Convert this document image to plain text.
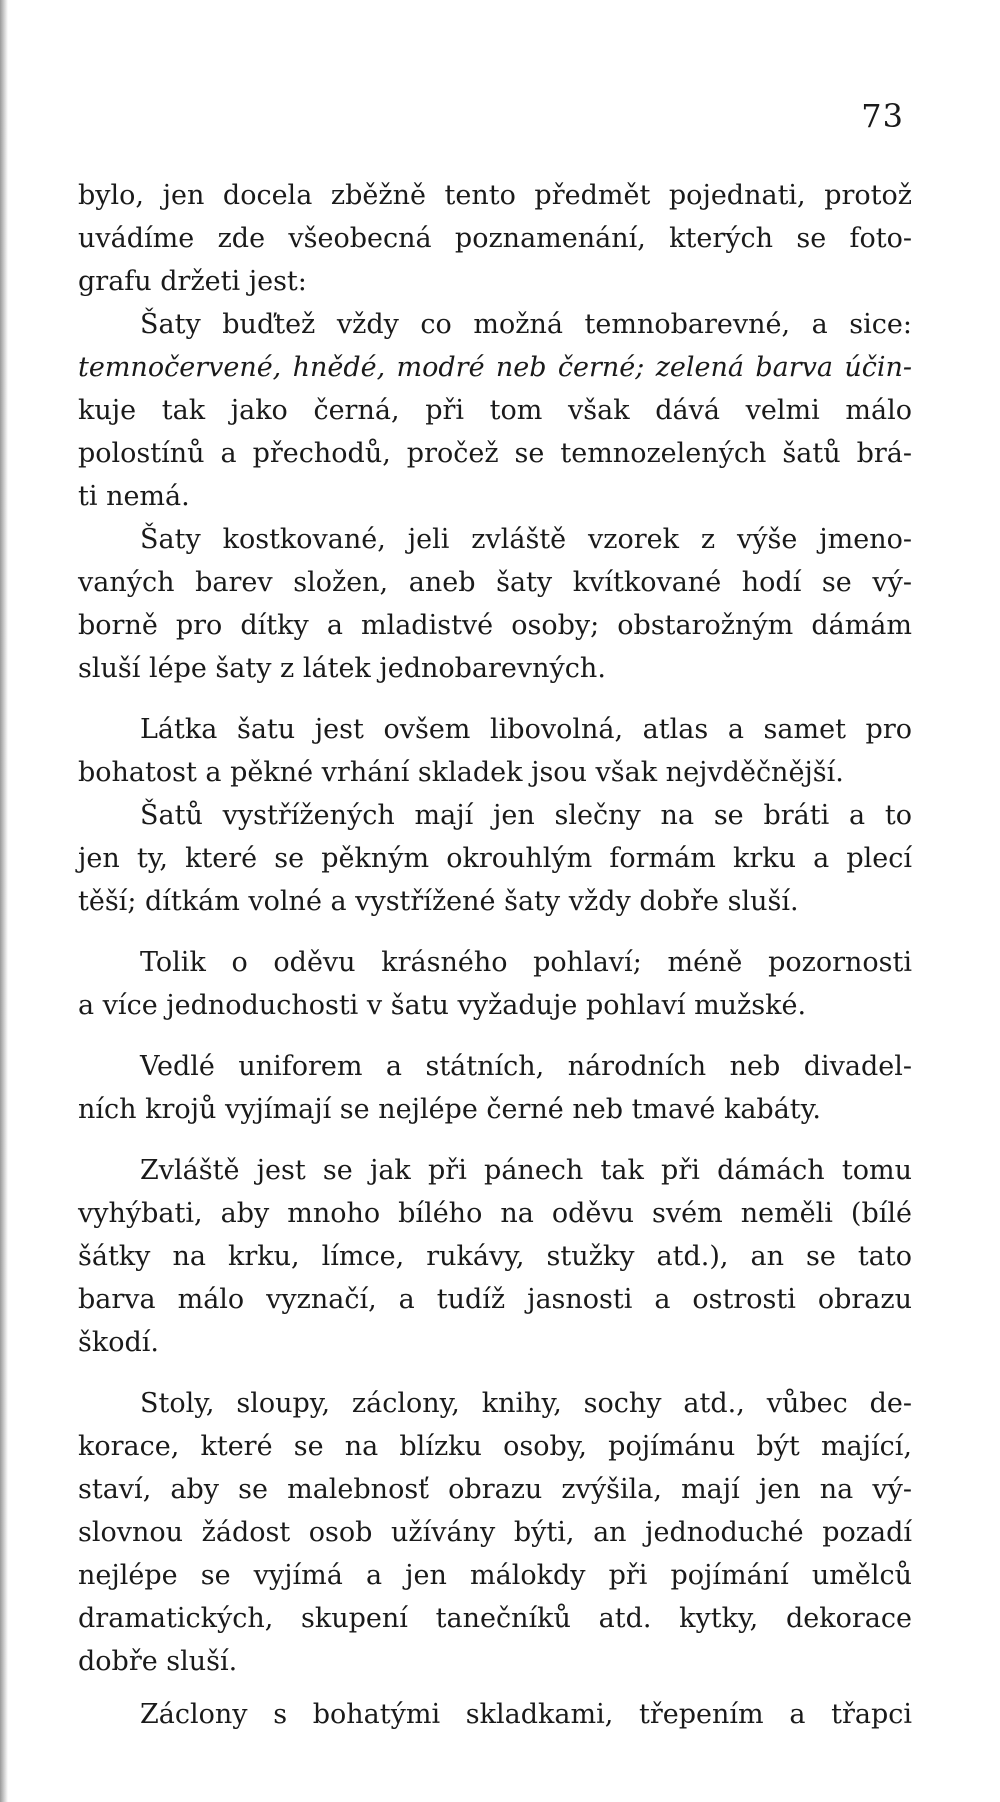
73
bylo, jen docela zběžně tento předmět pojednati, protož
uvádíme zde všeobecná poznamenání, kterých se foto-
grafu držeti jest:
Šaty buďtež vždy co možná temnobarevné, a sice:
temnočervené, hnědé, modré neb černé; zelená barva účin-
kuje tak jako černá, při tom však dává velmi málo
polostínů a přechodů, pročež se temnozelených šatů brá-
ti nemá.
Šaty kostkované, jeli zvláště vzorek z výše jmeno-
vaných barev složen, aneb šaty kvítkované hodí se vý-
borně pro dítky a mladistvé osoby; obstarožným dámám
sluší lépe šaty z látek jednobarevných.
Látka šatu jest ovšem libovolná, atlas a samet pro
bohatost a pěkné vrhání skladek jsou však nejvděčnější.
Šatů vystřížených mají jen slečny na se bráti a to
jen ty, které se pěkným okrouhlým formám krku a plecí
těší; dítkám volné a vystřížené šaty vždy dobře sluší.
Tolik o oděvu krásného pohlaví; méně pozornosti
a více jednoduchosti v šatu vyžaduje pohlaví mužské.
Vedlé uniforem a státních, národních neb divadel-
ních krojů vyjímají se nejlépe černé neb tmavé kabáty.
Zvláště jest se jak při pánech tak při dámách tomu
vyhýbati, aby mnoho bílého na oděvu svém neměli (bílé
šátky na krku, límce, rukávy, stužky atd.), an se tato
barva málo vyznačí, a tudíž jasnosti a ostrosti obrazu
škodí.
Stoly, sloupy, záclony, knihy, sochy atd., vůbec de-
korace, které se na blízku osoby, pojímánu být mající,
staví, aby se malebnosť obrazu zvýšila, mají jen na vý-
slovnou žádost osob užívány býti, an jednoduché pozadí
nejlépe se vyjímá a jen málokdy při pojímání umělců
dramatických, skupení tanečníků atd. kytky, dekorace
dobře sluší.
Záclony s bohatými skladkami, třepením a třapci
